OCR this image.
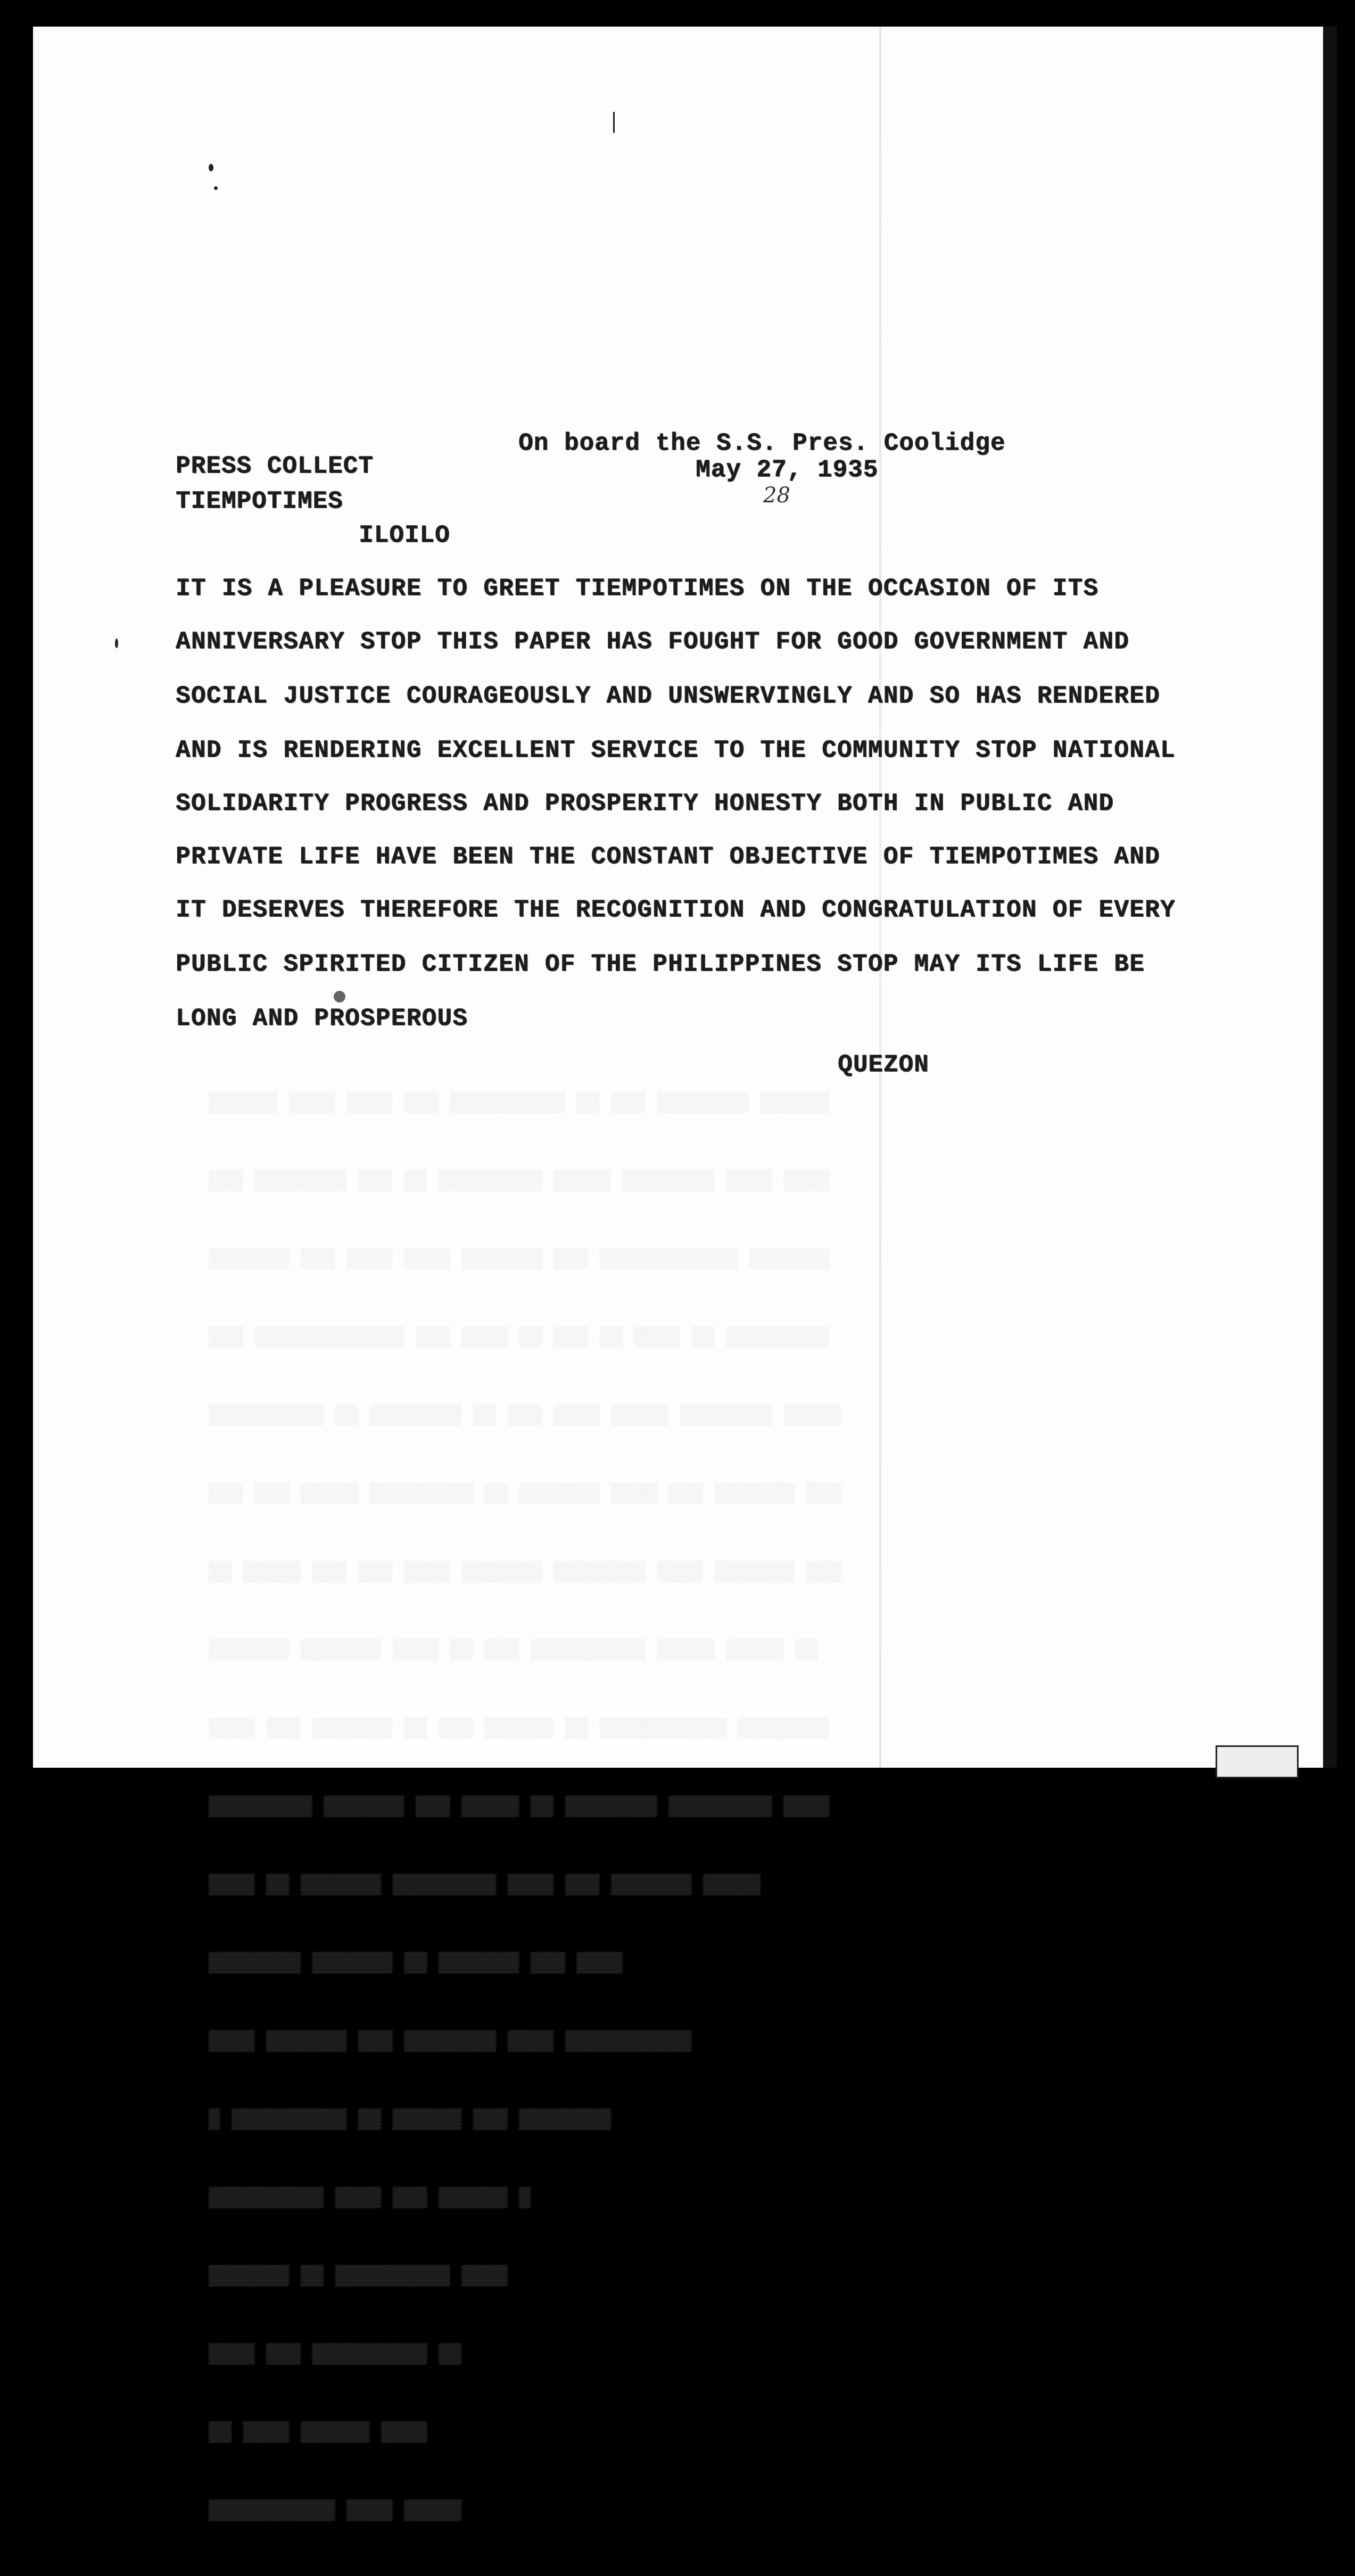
▒▒▒▒▒▒ ▒▒▒▒ ▒▒▒▒ ▒▒▒ ▒▒▒▒▒▒▒▒▒▒ ▒▒ ▒▒▒ ▒▒▒▒▒▒▒▒ ▒▒▒▒▒▒

▒▒▒ ▒▒▒▒▒▒▒▒ ▒▒▒ ▒▒ ▒▒▒▒▒▒▒▒▒ ▒▒▒▒▒ ▒▒▒▒▒▒▒▒ ▒▒▒▒ ▒▒▒▒

▒▒▒▒▒▒▒ ▒▒▒ ▒▒▒▒ ▒▒▒▒ ▒▒▒▒▒▒▒ ▒▒▒ ▒▒▒▒▒▒▒▒▒▒▒▒ ▒▒▒▒▒▒▒

▒▒▒ ▒▒▒▒▒▒▒▒▒▒▒▒▒ ▒▒▒ ▒▒▒▒ ▒▒ ▒▒▒ ▒▒ ▒▒▒▒ ▒▒ ▒▒▒▒▒▒▒▒▒

▒▒▒▒▒▒▒▒▒▒ ▒▒ ▒▒▒▒▒▒▒▒ ▒▒ ▒▒▒ ▒▒▒▒ ▒▒▒▒▒ ▒▒▒▒▒▒▒▒ ▒▒▒▒▒

▒▒▒ ▒▒▒ ▒▒▒▒▒ ▒▒▒▒▒▒▒▒▒ ▒▒ ▒▒▒▒▒▒▒ ▒▒▒▒ ▒▒▒ ▒▒▒▒▒▒▒ ▒▒▒

▒▒ ▒▒▒▒▒ ▒▒▒ ▒▒▒ ▒▒▒▒ ▒▒▒▒▒▒▒ ▒▒▒▒▒▒▒▒ ▒▒▒▒ ▒▒▒▒▒▒▒ ▒▒▒

▒▒▒▒▒▒▒ ▒▒▒▒▒▒▒ ▒▒▒▒ ▒▒ ▒▒▒ ▒▒▒▒▒▒▒▒▒▒ ▒▒▒▒▒ ▒▒▒▒▒ ▒▒

▒▒▒▒ ▒▒▒ ▒▒▒▒▒▒▒ ▒▒ ▒▒▒ ▒▒▒▒▒▒ ▒▒ ▒▒▒▒▒▒▒▒▒▒▒ ▒▒▒▒▒▒▒▒

▒▒▒▒▒▒▒▒▒ ▒▒▒▒▒▒▒ ▒▒▒ ▒▒▒▒▒ ▒▒ ▒▒▒▒▒▒▒▒ ▒▒▒▒▒▒▒▒▒ ▒▒▒▒

▒▒▒▒ ▒▒ ▒▒▒▒▒▒▒ ▒▒▒▒▒▒▒▒▒ ▒▒▒▒ ▒▒▒ ▒▒▒▒▒▒▒ ▒▒▒▒▒

▒▒▒▒▒▒▒▒ ▒▒▒▒▒▒▒ ▒▒ ▒▒▒▒▒▒▒ ▒▒▒ ▒▒▒▒

▒▒▒▒ ▒▒▒▒▒▒▒ ▒▒▒ ▒▒▒▒▒▒▒▒ ▒▒▒▒ ▒▒▒▒▒▒▒▒▒▒▒

▒ ▒▒▒▒▒▒▒▒▒▒ ▒▒ ▒▒▒▒▒▒ ▒▒▒ ▒▒▒▒▒▒▒▒

▒▒▒▒▒▒▒▒▒▒ ▒▒▒▒ ▒▒▒ ▒▒▒▒▒▒ ▒

▒▒▒▒▒▒▒ ▒▒ ▒▒▒▒▒▒▒▒▒▒ ▒▒▒▒

▒▒▒▒ ▒▒▒ ▒▒▒▒▒▒▒▒▒▒ ▒▒

▒▒ ▒▒▒▒ ▒▒▒▒▒▒ ▒▒▒▒

▒▒▒▒▒▒▒▒▒▒▒ ▒▒▒▒ ▒▒▒▒▒

On board the S.S. Pres. Coolidge
PRESS COLLECT	May 27, 1935
28
TIEMPOTIMES
ILOILO
IT IS A PLEASURE TO GREET TIEMPOTIMES ON THE OCCASION OF ITS
ANNIVERSARY STOP THIS PAPER HAS FOUGHT FOR GOOD GOVERNMENT AND
SOCIAL JUSTICE COURAGEOUSLY AND UNSWERVINGLY AND SO HAS RENDERED
AND IS RENDERING EXCELLENT SERVICE TO THE COMMUNITY STOP NATIONAL
SOLIDARITY PROGRESS AND PROSPERITY HONESTY BOTH IN PUBLIC AND
PRIVATE LIFE HAVE BEEN THE CONSTANT OBJECTIVE OF TIEMPOTIMES AND
IT DESERVES THEREFORE THE RECOGNITION AND CONGRATULATION OF EVERY
PUBLIC SPIRITED CITIZEN OF THE PHILIPPINES STOP MAY ITS LIFE BE
LONG AND PROSPEROUS
QUEZON
